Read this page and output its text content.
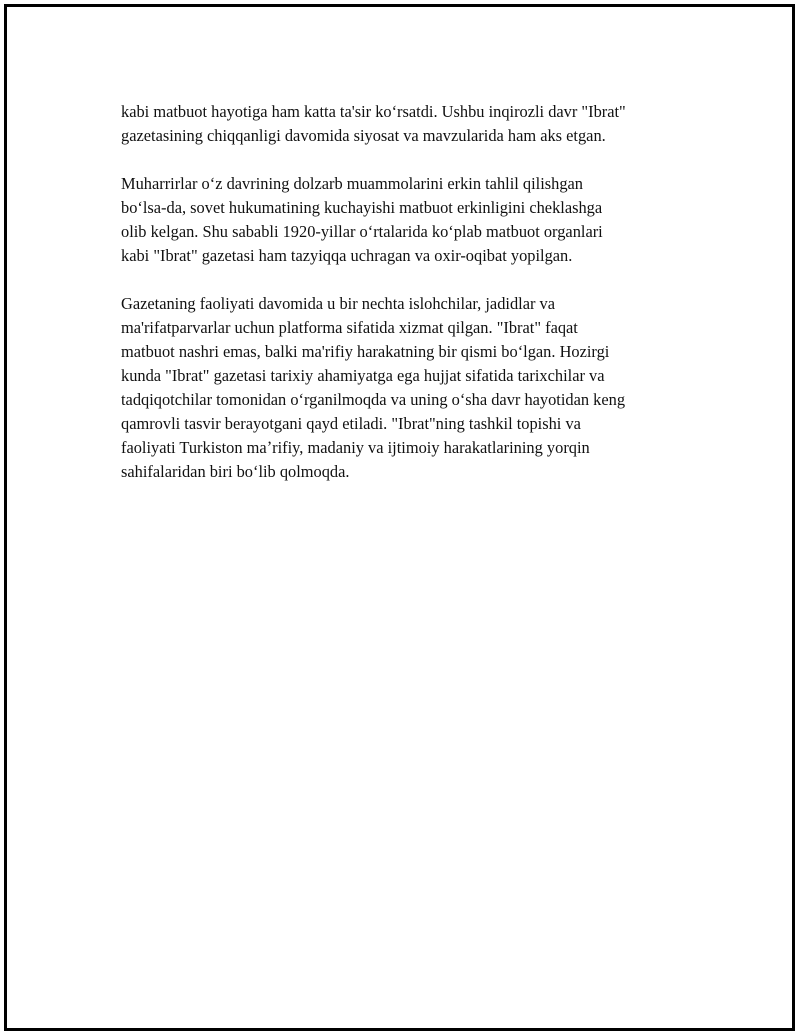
kabi matbuot hayotiga ham katta ta'sir koʻrsatdi. Ushbu inqirozli davr "Ibrat"
gazetasining chiqqanligi davomida siyosat va mavzularida ham aks etgan.

Muharrirlar oʻz davrining dolzarb muammolarini erkin tahlil qilishgan
boʻlsa-da, sovet hukumatining kuchayishi matbuot erkinligini cheklashga
olib kelgan. Shu sababli 1920-yillar oʻrtalarida koʻplab matbuot organlari
kabi "Ibrat" gazetasi ham tazyiqqa uchragan va oxir-oqibat yopilgan.

Gazetaning faoliyati davomida u bir nechta islohchilar, jadidlar va
ma'rifatparvarlar uchun platforma sifatida xizmat qilgan. "Ibrat" faqat
matbuot nashri emas, balki ma'rifiy harakatning bir qismi boʻlgan. Hozirgi
kunda "Ibrat" gazetasi tarixiy ahamiyatga ega hujjat sifatida tarixchilar va
tadqiqotchilar tomonidan oʻrganilmoqda va uning oʻsha davr hayotidan keng
qamrovli tasvir berayotgani qayd etiladi. "Ibrat"ning tashkil topishi va
faoliyati Turkiston maʼrifiy, madaniy va ijtimoiy harakatlarining yorqin
sahifalaridan biri boʻlib qolmoqda.
